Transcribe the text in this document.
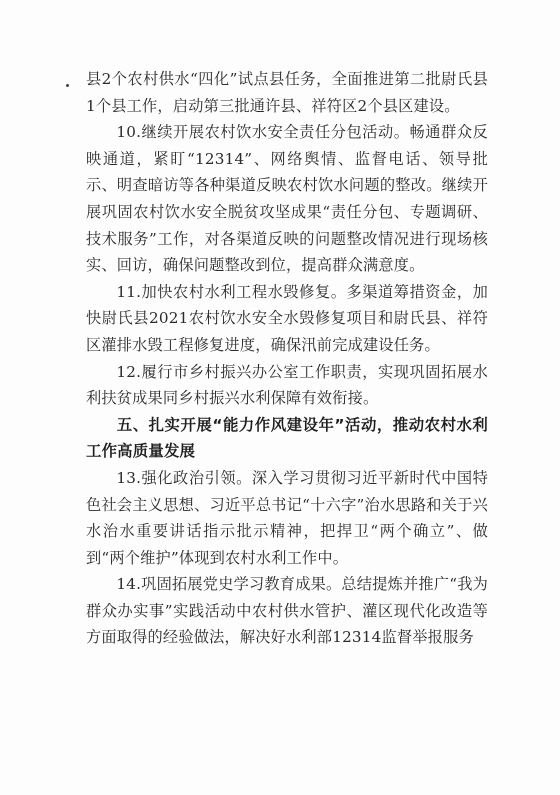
县2个农村供水“四化”试点县任务，全面推进第二批尉氏县1个县工作，启动第三批通许县、祥符区2个县区建设。

10.继续开展农村饮水安全责任分包活动。畅通群众反映通道，紧盯“12314”、网络舆情、监督电话、领导批示、明查暗访等各种渠道反映农村饮水问题的整改。继续开展巩固农村饮水安全脱贫攻坚成果“责任分包、专题调研、技术服务”工作，对各渠道反映的问题整改情况进行现场核实、回访，确保问题整改到位，提高群众满意度。

11.加快农村水利工程水毁修复。多渠道筹措资金，加快尉氏县2021农村饮水安全水毁修复项目和尉氏县、祥符区灌排水毁工程修复进度，确保汛前完成建设任务。

12.履行市乡村振兴办公室工作职责，实现巩固拓展水利扶贫成果同乡村振兴水利保障有效衔接。

五、扎实开展“能力作风建设年”活动，推动农村水利工作高质量发展

13.强化政治引领。深入学习贯彻习近平新时代中国特色社会主义思想、习近平总书记“十六字”治水思路和关于兴水治水重要讲话指示批示精神，把捍卫“两个确立”、做到“两个维护”体现到农村水利工作中。

14.巩固拓展党史学习教育成果。总结提炼并推广“我为群众办实事”实践活动中农村供水管护、灌区现代化改造等方面取得的经验做法，解决好水利部12314监督举报服务
